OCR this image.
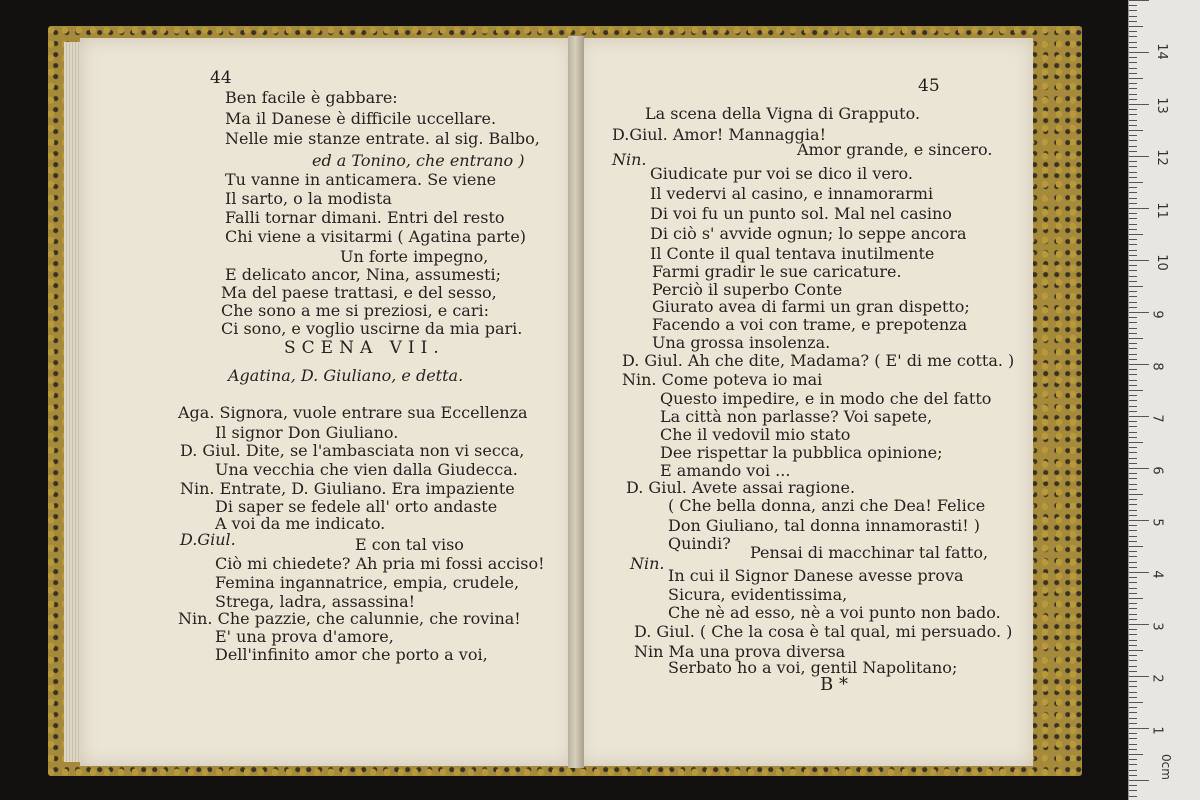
44
Ben facile è gabbare:
Ma il Danese è difficile uccellare.
Nelle mie stanze entrate. al sig. Balbo,
ed a Tonino, che entrano )
Tu vanne in anticamera. Se viene
Il sarto, o la modista
Falli tornar dimani. Entri del resto
Chi viene a visitarmi ( Agatina parte)
Un forte impegno,
E delicato ancor, Nina, assumesti;
Ma del paese trattasi, e del sesso,
Che sono a me si preziosi, e cari:
Ci sono, e voglio uscirne da mia pari.
SCENA VII.
Agatina, D. Giuliano, e detta.
Aga. Signora, vuole entrare sua Eccellenza
Il signor Don Giuliano.
D. Giul. Dite, se l'ambasciata non vi secca,
Una vecchia che vien dalla Giudecca.
Nin. Entrate, D. Giuliano. Era impaziente
Di saper se fedele all' orto andaste
A voi da me indicato.
D.Giul.	E con tal viso
Ciò mi chiedete? Ah pria mi fossi acciso!
Femina ingannatrice, empia, crudele,
Strega, ladra, assassina!
Nin. Che pazzie, che calunnie, che rovina!
E' una prova d'amore,
Dell'infinito amor che porto a voi,
45
La scena della Vigna di Grapputo.
D.Giul. Amor! Mannaggia!
Nin.
Amor grande, e sincero.
Giudicate pur voi se dico il vero.
Il vedervi al casino, e innamorarmi
Di voi fu un punto sol. Mal nel casino
Di ciò s' avvide ognun; lo seppe ancora
Il Conte il qual tentava inutilmente
Farmi gradir le sue caricature.
Perciò il superbo Conte
Giurato avea di farmi un gran dispetto;
Facendo a voi con trame, e prepotenza
Una grossa insolenza.
D. Giul. Ah che dite, Madama? ( E' di me cotta. )
Nin. Come poteva io mai
Questo impedire, e in modo che del fatto
La città non parlasse? Voi sapete,
Che il vedovil mio stato
Dee rispettar la pubblica opinione;
E amando voi ...
D. Giul. Avete assai ragione.
( Che bella donna, anzi che Dea! Felice
Don Giuliano, tal donna innamorasti! )
Quindi?
Nin.
Pensai di macchinar tal fatto,
In cui il Signor Danese avesse prova
Sicura, evidentissima,
Che nè ad esso, nè a voi punto non bado.
D. Giul. ( Che la cosa è tal qual, mi persuado. )
Nin Ma una prova diversa
Serbato ho a voi, gentil Napolitano;
B *
14
13
12
11
10
9
8
7
6
5
4
3
2
1
0cm
